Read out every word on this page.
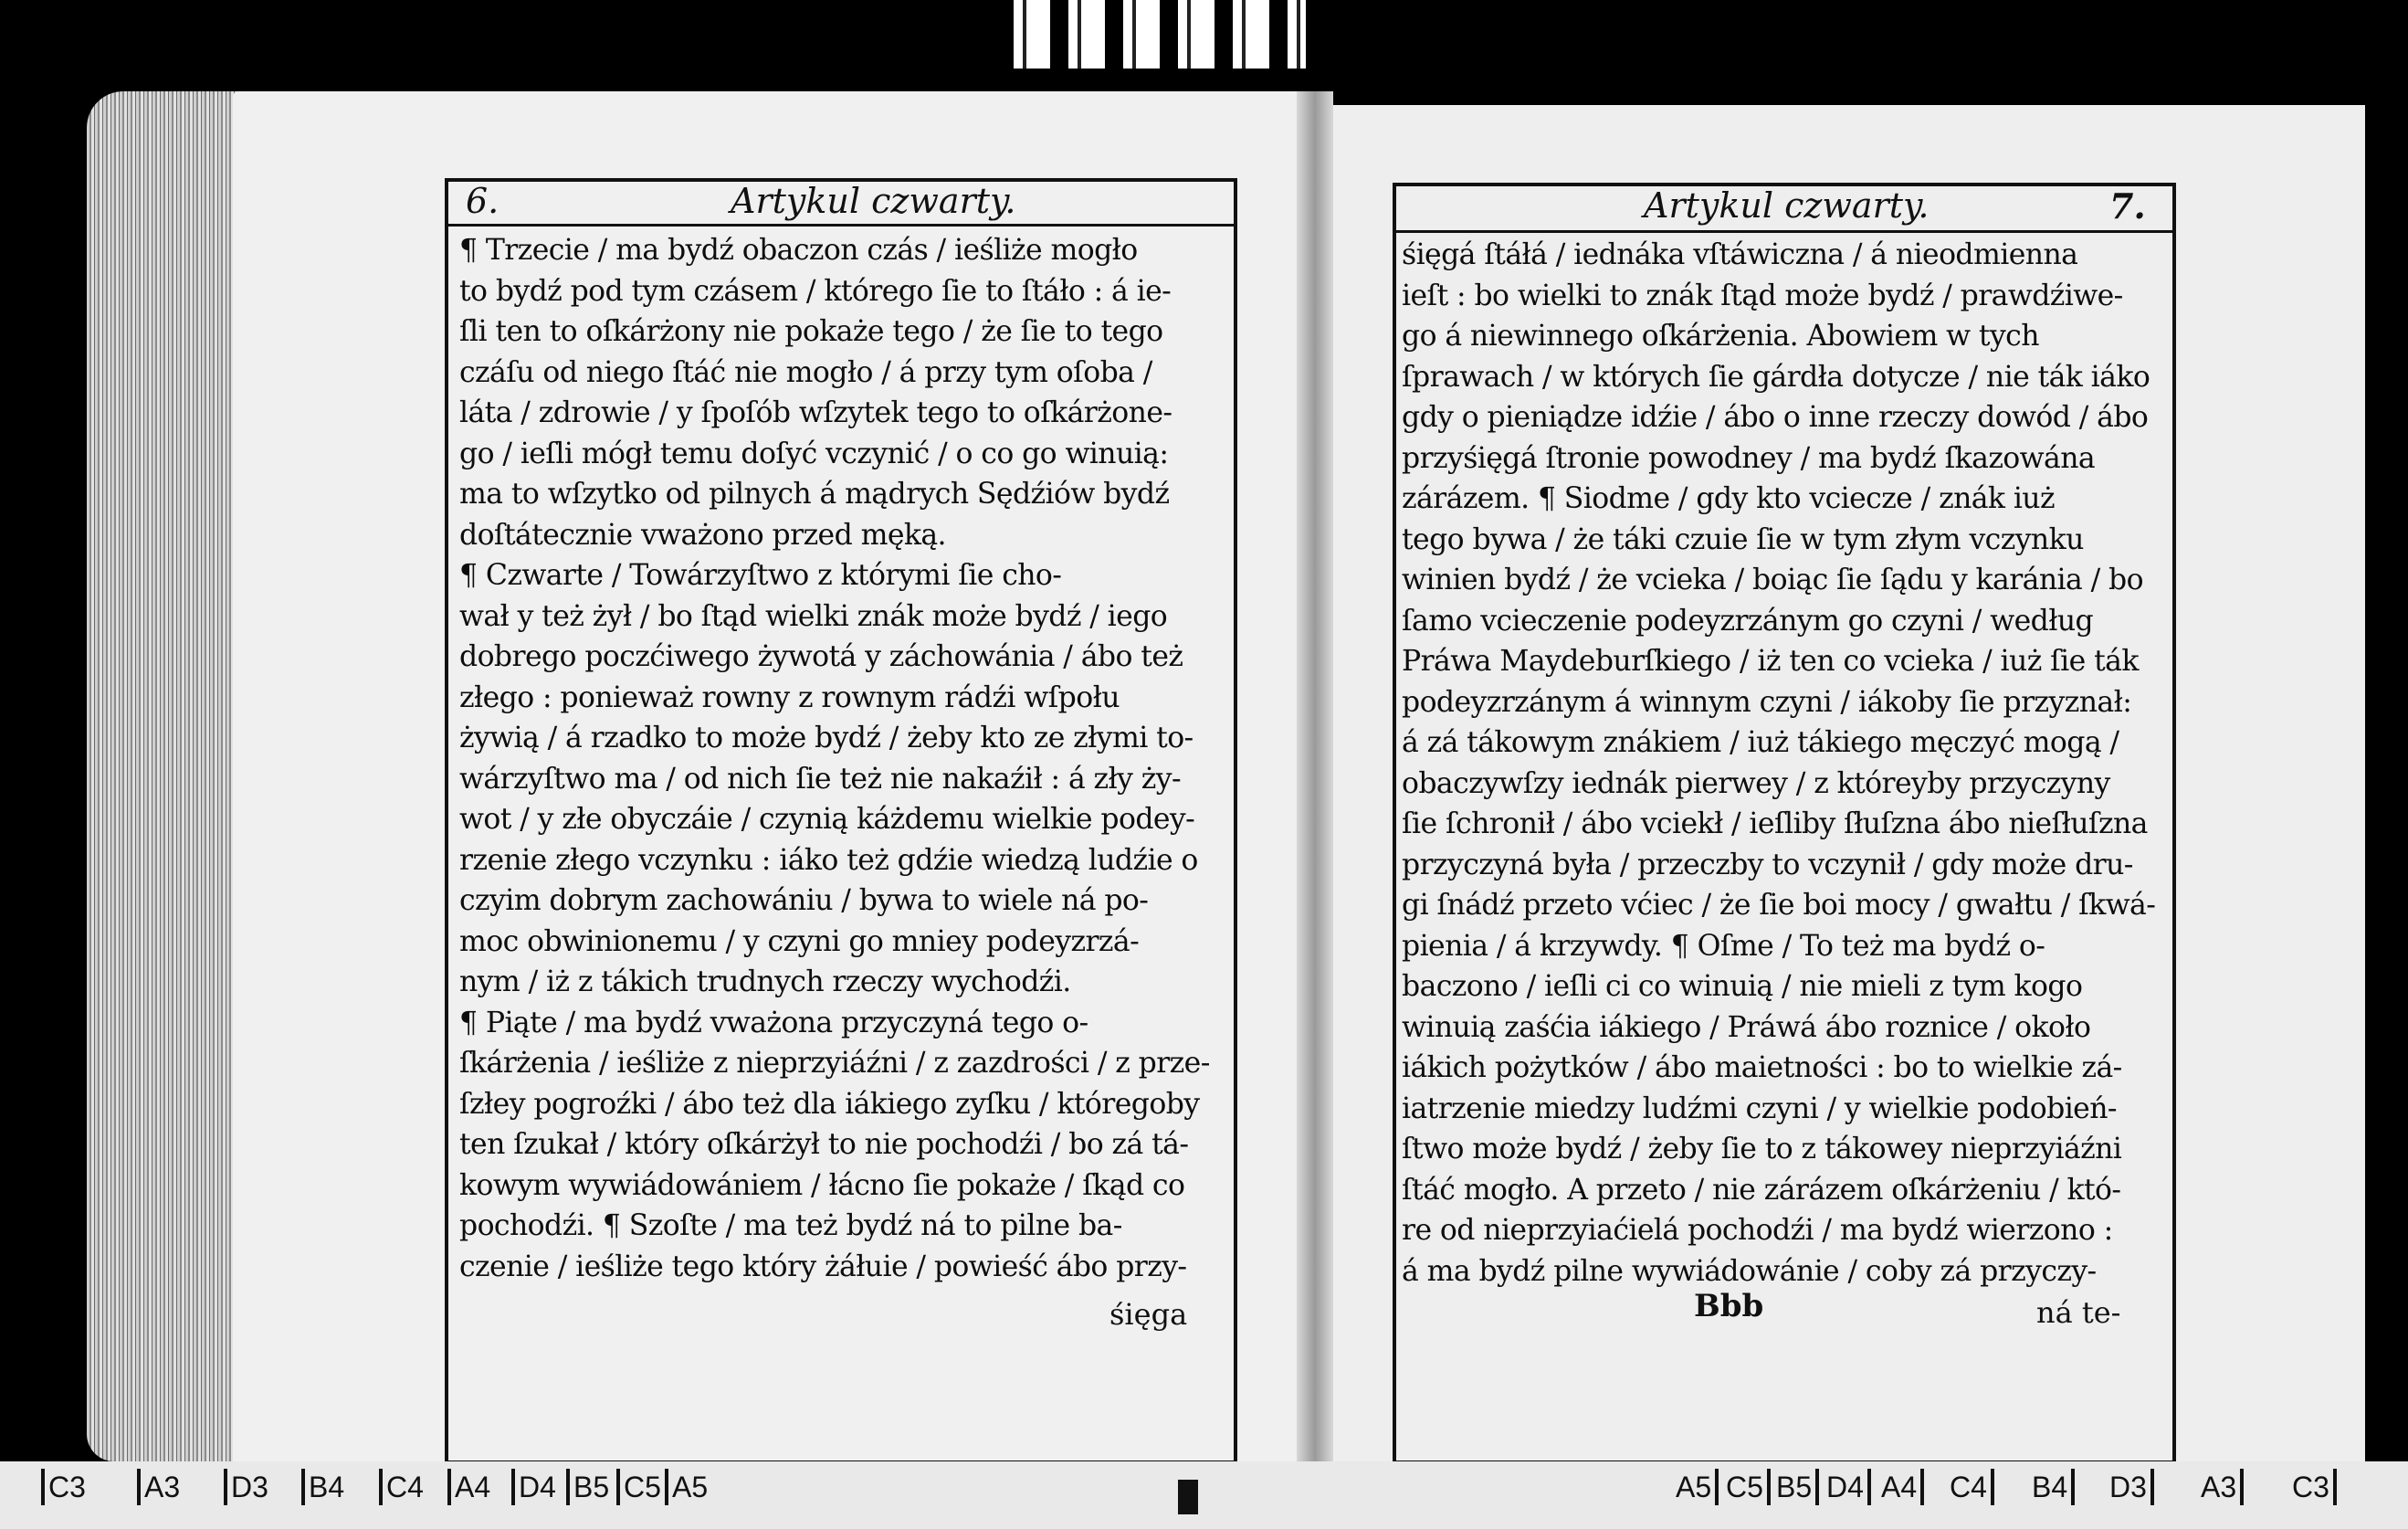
6.	Artykul czwarty.	Artykul czwarty.	7.
¶ Trzecie / ma bydź obaczon czás / ieśliże mogło
to bydź pod tym czásem / którego ſie to ſtáło : á ie-
ſli ten to oſkárżony nie pokaże tego / że ſie to tego
czáſu od niego ſtáć nie mogło / á przy tym oſoba /
láta / zdrowie / y ſpoſób wſzytek tego to oſkárżone-
go / ieſli mógł temu doſyć vczynić / o co go winuią:
ma to wſzytko od pilnych á mądrych Sędźiów bydź
doſtátecznie vważono przed męką.
¶ Czwarte / Towárzyſtwo z którymi ſie cho-
wał y też żył / bo ſtąd wielki znák może bydź / iego
dobrego poczćiwego żywotá y záchowánia / ábo też
złego : ponieważ rowny z rownym rádźi wſpołu
żywią / á rzadko to może bydź / żeby kto ze złymi to-
wárzyſtwo ma / od nich ſie też nie nakaźił : á zły ży-
wot / y złe obyczáie / czynią káżdemu wielkie podey-
rzenie złego vczynku : iáko też gdźie wiedzą ludźie o
czyim dobrym zachowániu / bywa to wiele ná po-
moc obwinionemu / y czyni go mniey podeyzrzá-
nym / iż z tákich trudnych rzeczy wychodźi.
¶ Piąte / ma bydź vważona przyczyná tego o-
ſkárżenia / ieśliże z nieprzyiáźni / z zazdrości / z prze-
ſzłey pogroźki / ábo też dla iákiego zyſku / któregoby
ten ſzukał / który oſkárżył to nie pochodźi / bo zá tá-
kowym wywiádowániem / łácno ſie pokaże / ſkąd co
pochodźi. ¶ Szoſte / ma też bydź ná to pilne ba-
czenie / ieśliże tego który żáłuie / powieść ábo przy-
śięgá ſtáłá / iednáka vſtáwiczna / á nieodmienna
ieſt : bo wielki to znák ſtąd może bydź / prawdźiwe-
go á niewinnego oſkárżenia. Abowiem w tych
ſprawach / w których ſie gárdła dotycze / nie ták iáko
gdy o pieniądze idźie / ábo o inne rzeczy dowód / ábo
przyśięgá ſtronie powodney / ma bydź ſkazowána
zárázem. ¶ Siodme / gdy kto vciecze / znák iuż
tego bywa / że táki czuie ſie w tym złym vczynku
winien bydź / że vcieka / boiąc ſie ſądu y karánia / bo
ſamo vcieczenie podeyzrzánym go czyni / według
Práwa Maydeburſkiego / iż ten co vcieka / iuż ſie ták
podeyzrzánym á winnym czyni / iákoby ſie przyznał:
á zá tákowym znákiem / iuż tákiego męczyć mogą /
obaczywſzy iednák pierwey / z któreyby przyczyny
ſie ſchronił / ábo vciekł / ieſliby ſłuſzna ábo nieſłuſzna
przyczyná była / przeczby to vczynił / gdy może dru-
gi ſnádź przeto vćiec / że ſie boi mocy / gwałtu / ſkwá-
pienia / á krzywdy. ¶ Oſme / To też ma bydź o-
baczono / ieſli ci co winuią / nie mieli z tym kogo
winuią zaśćia iákiego / Práwá ábo roznice / około
iákich pożytków / ábo maietności : bo to wielkie zá-
iatrzenie miedzy ludźmi czyni / y wielkie podobień-
ſtwo może bydź / żeby ſie to z tákowey nieprzyiáźni
ſtáć mogło. A przeto / nie zárázem oſkárżeniu / któ-
re od nieprzyiaćielá pochodźi / ma bydź wierzono :
á ma bydź pilne wywiádowánie / coby zá przyczy-
śięga	Bbb	ná te-
C3 A3 D3 B4 C4 A4 D4 B5 C5 A5	A5 C5 B5 D4 A4 C4 B4 D3 A3 C3
